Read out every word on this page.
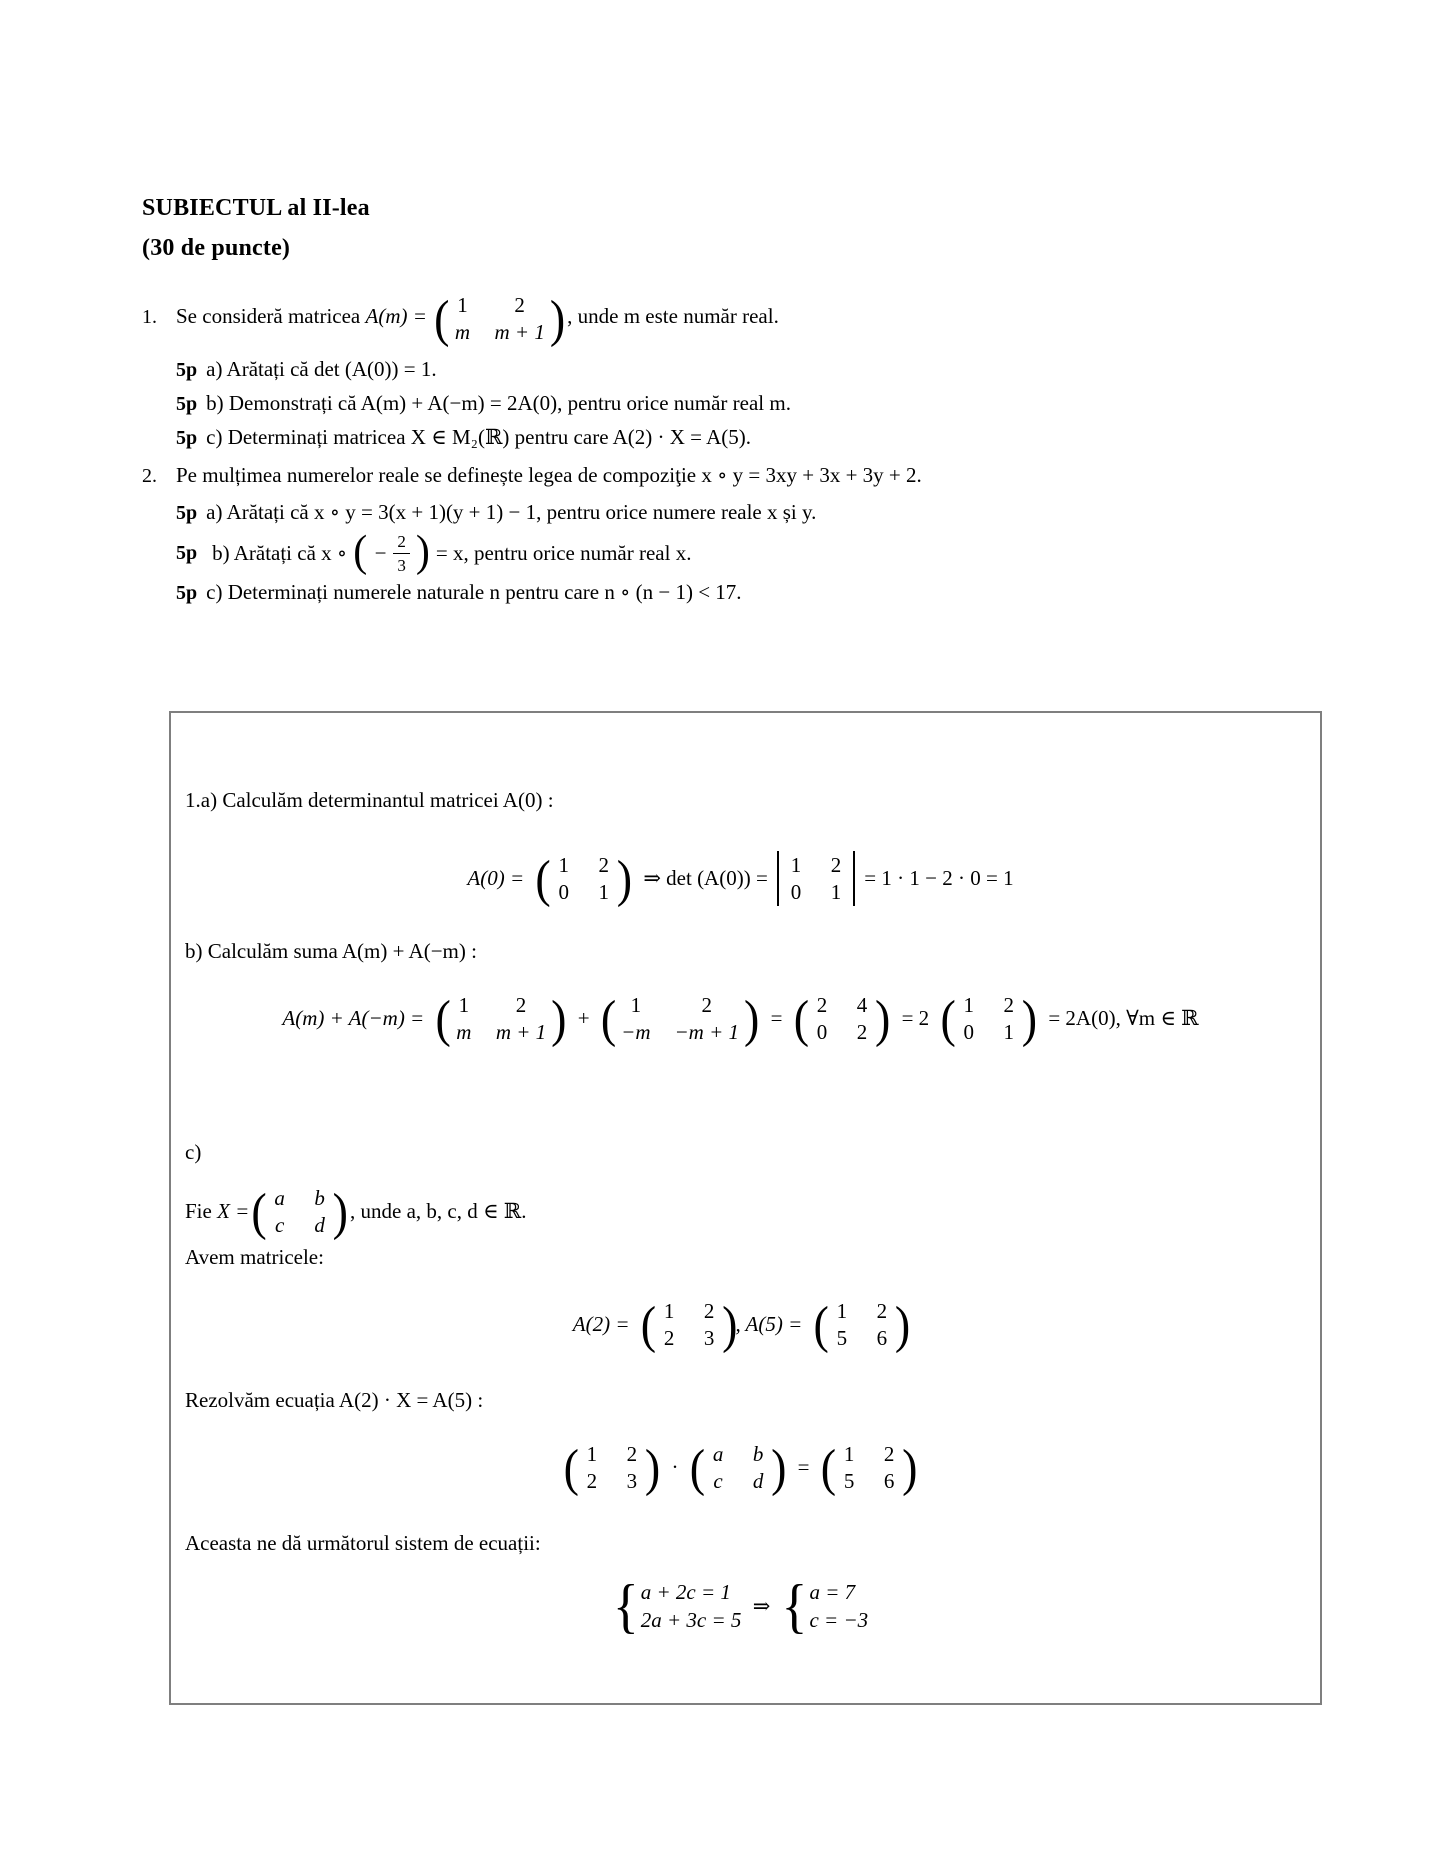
SUBIECTUL al II-lea
(30 de puncte)
1. Se consideră matricea A(m) = ( 1	2
m m + 1 ) , unde m este număr real.
5p a) Arătați că det (A(0)) = 1.
5p b) Demonstrați că A(m) + A(−m) = 2A(0), pentru orice număr real m.
5p c) Determinați matricea X ∈ M₂(ℝ) pentru care A(2) · X = A(5).
2. Pe mulțimea numerelor reale se definește legea de compoziţie x ∘ y = 3xy + 3x + 3y + 2.
5p a) Arătați că x ∘ y = 3(x + 1)(y + 1) − 1, pentru orice numere reale x și y.
5p b) Arătați că x ∘ ( − $\frac{2}{3}$ ) = x, pentru orice număr real x.
5p c) Determinați numerele naturale n pentru care n ∘ (n − 1) < 17.
1.a) Calculăm determinantul matricei A(0) :
A(0) = ( 1 2
0 1 ) ⇒ det (A(0)) =
1 2
0 1
= 1 · 1 − 2 · 0 = 1
b) Calculăm suma A(m) + A(−m) :
A(m) + A(−m) = ( 1	2
m m + 1 ) + ( 1	2
−m −m + 1 ) = ( 2 4
0 2 ) = 2 ( 1 2
0 1 ) = 2A(0), ∀m ∈ ℝ
c)
Fie
X = ( a b
c d ) , unde a, b, c, d ∈ ℝ.
Avem matricele:
A(2) = ( 1 2
2 3 )
, A(5) = ( 1 2
5 6 )
Rezolvăm ecuația A(2) · X = A(5) :
( 1 2
2 3 ) · ( a b
c d ) = ( 1 2
5 6 )
Aceasta ne dă următorul sistem de ecuații:
{ a + 2c = 1
2a + 3c = 5
⇒ { a = 7
c = −3
